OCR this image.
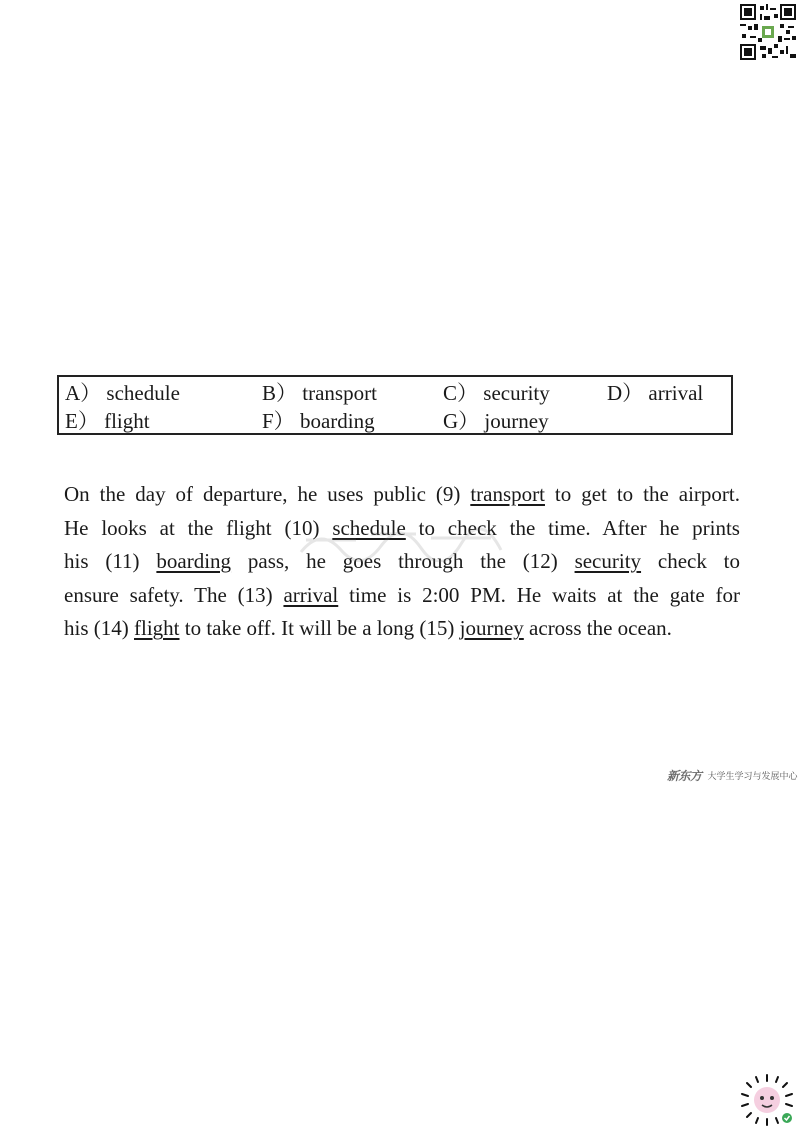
A） schedule	B） transport	C） security	D） arrival
E） flight	F） boarding	G） journey
On the day of departure, he uses public (9) transport to get to the airport.
He looks at the flight (10) schedule to check the time. After he prints
his (11) boarding pass, he goes through the (12) security check to
ensure safety. The (13) arrival time is 2:00 PM. He waits at the gate for
his (14) flight to take off. It will be a long (15) journey across the ocean.
新东方 大学生学习与发展中心
